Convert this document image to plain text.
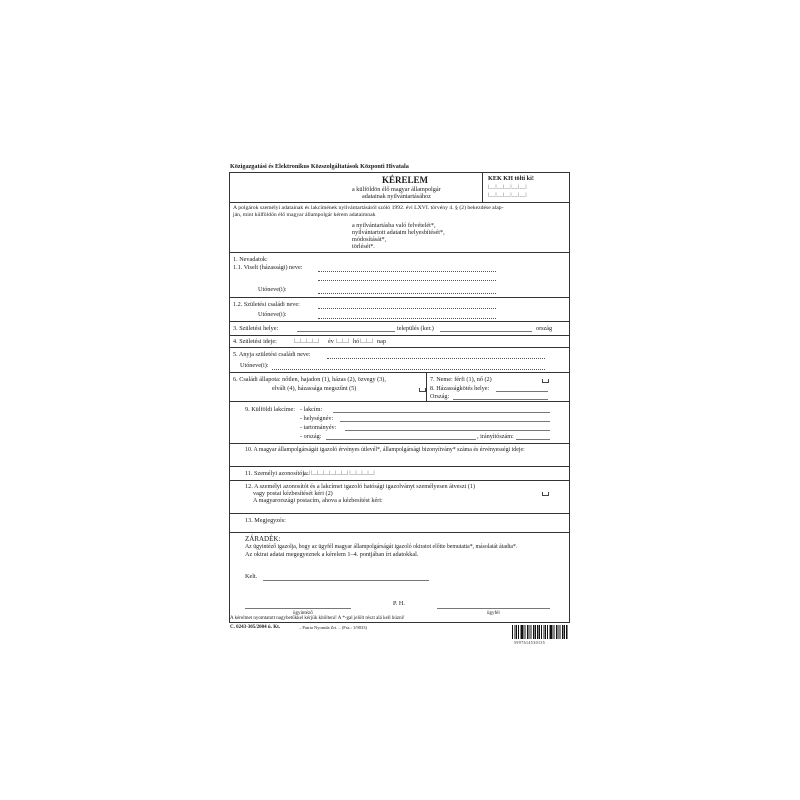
Közigazgatási és Elektronikus Közszolgáltatások Központi Hivatala
KEK KH tölti ki!
|__|__|__|__|__|
|__|__|__|__|__|
KÉRELEM
a külföldön élő magyar állampolgár
adatainak nyilvántartásához
A polgárok személyi adatainak és lakcímének nyilvántartásáról szóló 1992. évi LXVI. törvény 4. § (2) bekezdése alap-
ján, mint külföldön élő magyar állampolgár kérem adataimnak
a nyilvántartásba való felvételét*,
nyilvántartott adataim helyesbítését*,
módosítását*,
törlését*.
1. Nevadatok:
1.1. Viselt (házassági) neve:
Utóneve(i):
1.2. Születési családi neve:
Utóneve(i):
3. Születési helye:	település (ker.)	ország
4. Születési ideje:	|__|__|__|__| év |__|__| hó |__|__| nap
5. Anyja születési családi neve:
Utóneve(i):
6. Családi állapota: nőtlen, hajadon (1), házas (2), özvegy (3),
elvált (4), házassága megszűnt (5)
7. Neme: férfi (1), nő (2)
8. Házasságkötés helye:
Ország:
9. Külföldi lakcíme: - lakcím:
- helységnév:
- tartományév:
- ország:	, irányítószám:
10. A magyar állampolgárságát igazoló érvényes útlevél*, állampolgársági bizonyítvány* száma és érvényességi ideje:
11. Személyi azonosítója:
|__| |__|__|__|__|__|__| |__|__|__|__|
12. A személyi azonosítót és a lakcímet igazoló hatósági igazolványt személyesen átveszi (1)
vagy postai kézbesítését kéri (2)
A magyarországi postacím, ahova a kézbesítést kéri:
13. Megjegyzés:
ZÁRADÉK:
Az ügyintéző igazolja, hogy az ügyfél magyar állampolgárságát igazoló okiratot előtte bemutatta*, másolatát átadta*.
Az okirat adatai megegyeznek a kérelem 1–4. pontjában írt adatokkal.
Kelt.
P. H.
ügyintéző	ügyfél
A kérelmet nyomtatott nagybetűkkel kérjük kitölteni! A *-gal jelölt részt alá kell húzni!
C. 0243-305/2004 ú. Kt.	– Patria Nyomda Zrt. – (Fsz.: 1/9033)
5997614530135
